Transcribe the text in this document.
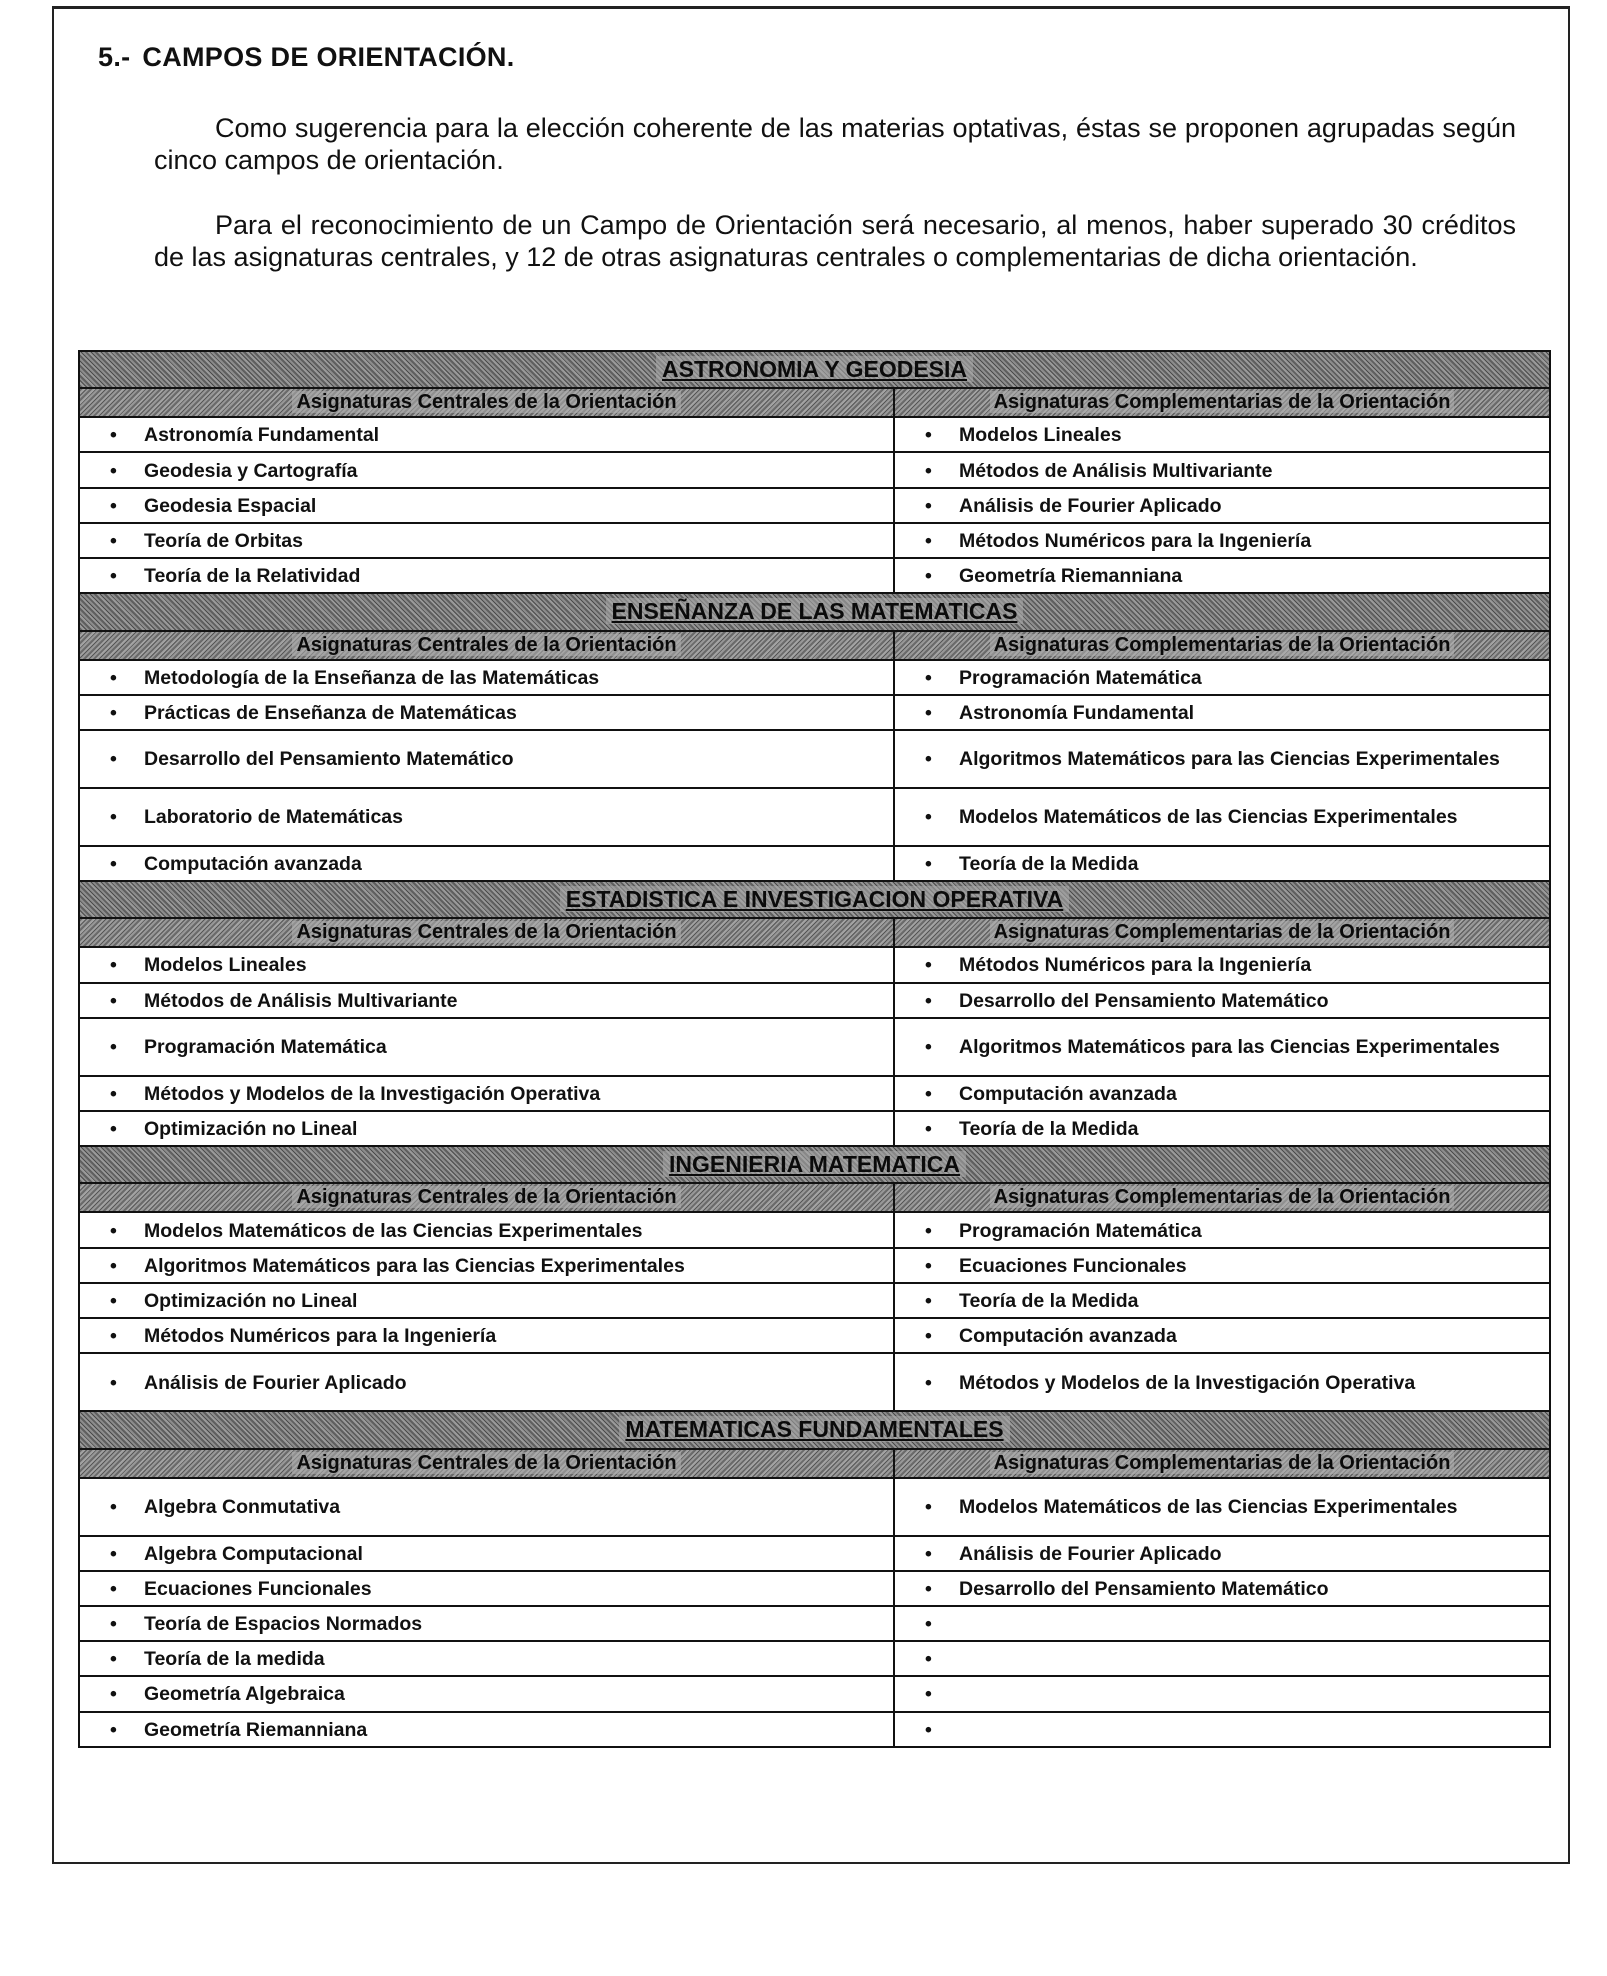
5.- CAMPOS DE ORIENTACIÓN.

Como sugerencia para la elección coherente de las materias optativas, éstas se proponen agrupadas según cinco campos de orientación.

Para el reconocimiento de un Campo de Orientación será necesario, al menos, haber superado 30 créditos de las asignaturas centrales, y 12 de otras asignaturas centrales o complementarias de dicha orientación.

ASTRONOMIA Y GEODESIA	
Asignaturas Centrales de la Orientación	Asignaturas Complementarias de la Orientación

• Astronomía Fundamental	• Modelos Lineales

• Geodesia y Cartografía	• Métodos de Análisis Multivariante

• Geodesia Espacial	• Análisis de Fourier Aplicado

• Teoría de Orbitas	• Métodos Numéricos para la Ingeniería

• Teoría de la Relatividad	• Geometría Riemanniana

ENSEÑANZA DE LAS MATEMATICAS	
Asignaturas Centrales de la Orientación	Asignaturas Complementarias de la Orientación

• Metodología de la Enseñanza de las Matemáticas	• Programación Matemática

• Prácticas de Enseñanza de Matemáticas	• Astronomía Fundamental

• Desarrollo del Pensamiento Matemático	• Algoritmos Matemáticos para las Ciencias Experimentales

• Laboratorio de Matemáticas	• Modelos Matemáticos de las Ciencias Experimentales

• Computación avanzada	• Teoría de la Medida

ESTADISTICA E INVESTIGACION OPERATIVA	
Asignaturas Centrales de la Orientación	Asignaturas Complementarias de la Orientación

• Modelos Lineales	• Métodos Numéricos para la Ingeniería

• Métodos de Análisis Multivariante	• Desarrollo del Pensamiento Matemático

• Programación Matemática	• Algoritmos Matemáticos para las Ciencias Experimentales

• Métodos y Modelos de la Investigación Operativa	• Computación avanzada

• Optimización no Lineal	• Teoría de la Medida

INGENIERIA MATEMATICA	
Asignaturas Centrales de la Orientación	Asignaturas Complementarias de la Orientación

• Modelos Matemáticos de las Ciencias Experimentales	• Programación Matemática

• Algoritmos Matemáticos para las Ciencias Experimentales	• Ecuaciones Funcionales

• Optimización no Lineal	• Teoría de la Medida

• Métodos Numéricos para la Ingeniería	• Computación avanzada

• Análisis de Fourier Aplicado	• Métodos y Modelos de la Investigación Operativa

MATEMATICAS FUNDAMENTALES	
Asignaturas Centrales de la Orientación	Asignaturas Complementarias de la Orientación

• Algebra Conmutativa	• Modelos Matemáticos de las Ciencias Experimentales

• Algebra Computacional	• Análisis de Fourier Aplicado

• Ecuaciones Funcionales	• Desarrollo del Pensamiento Matemático

• Teoría de Espacios Normados	•

• Teoría de la medida	•

• Geometría Algebraica	•

• Geometría Riemanniana	•
